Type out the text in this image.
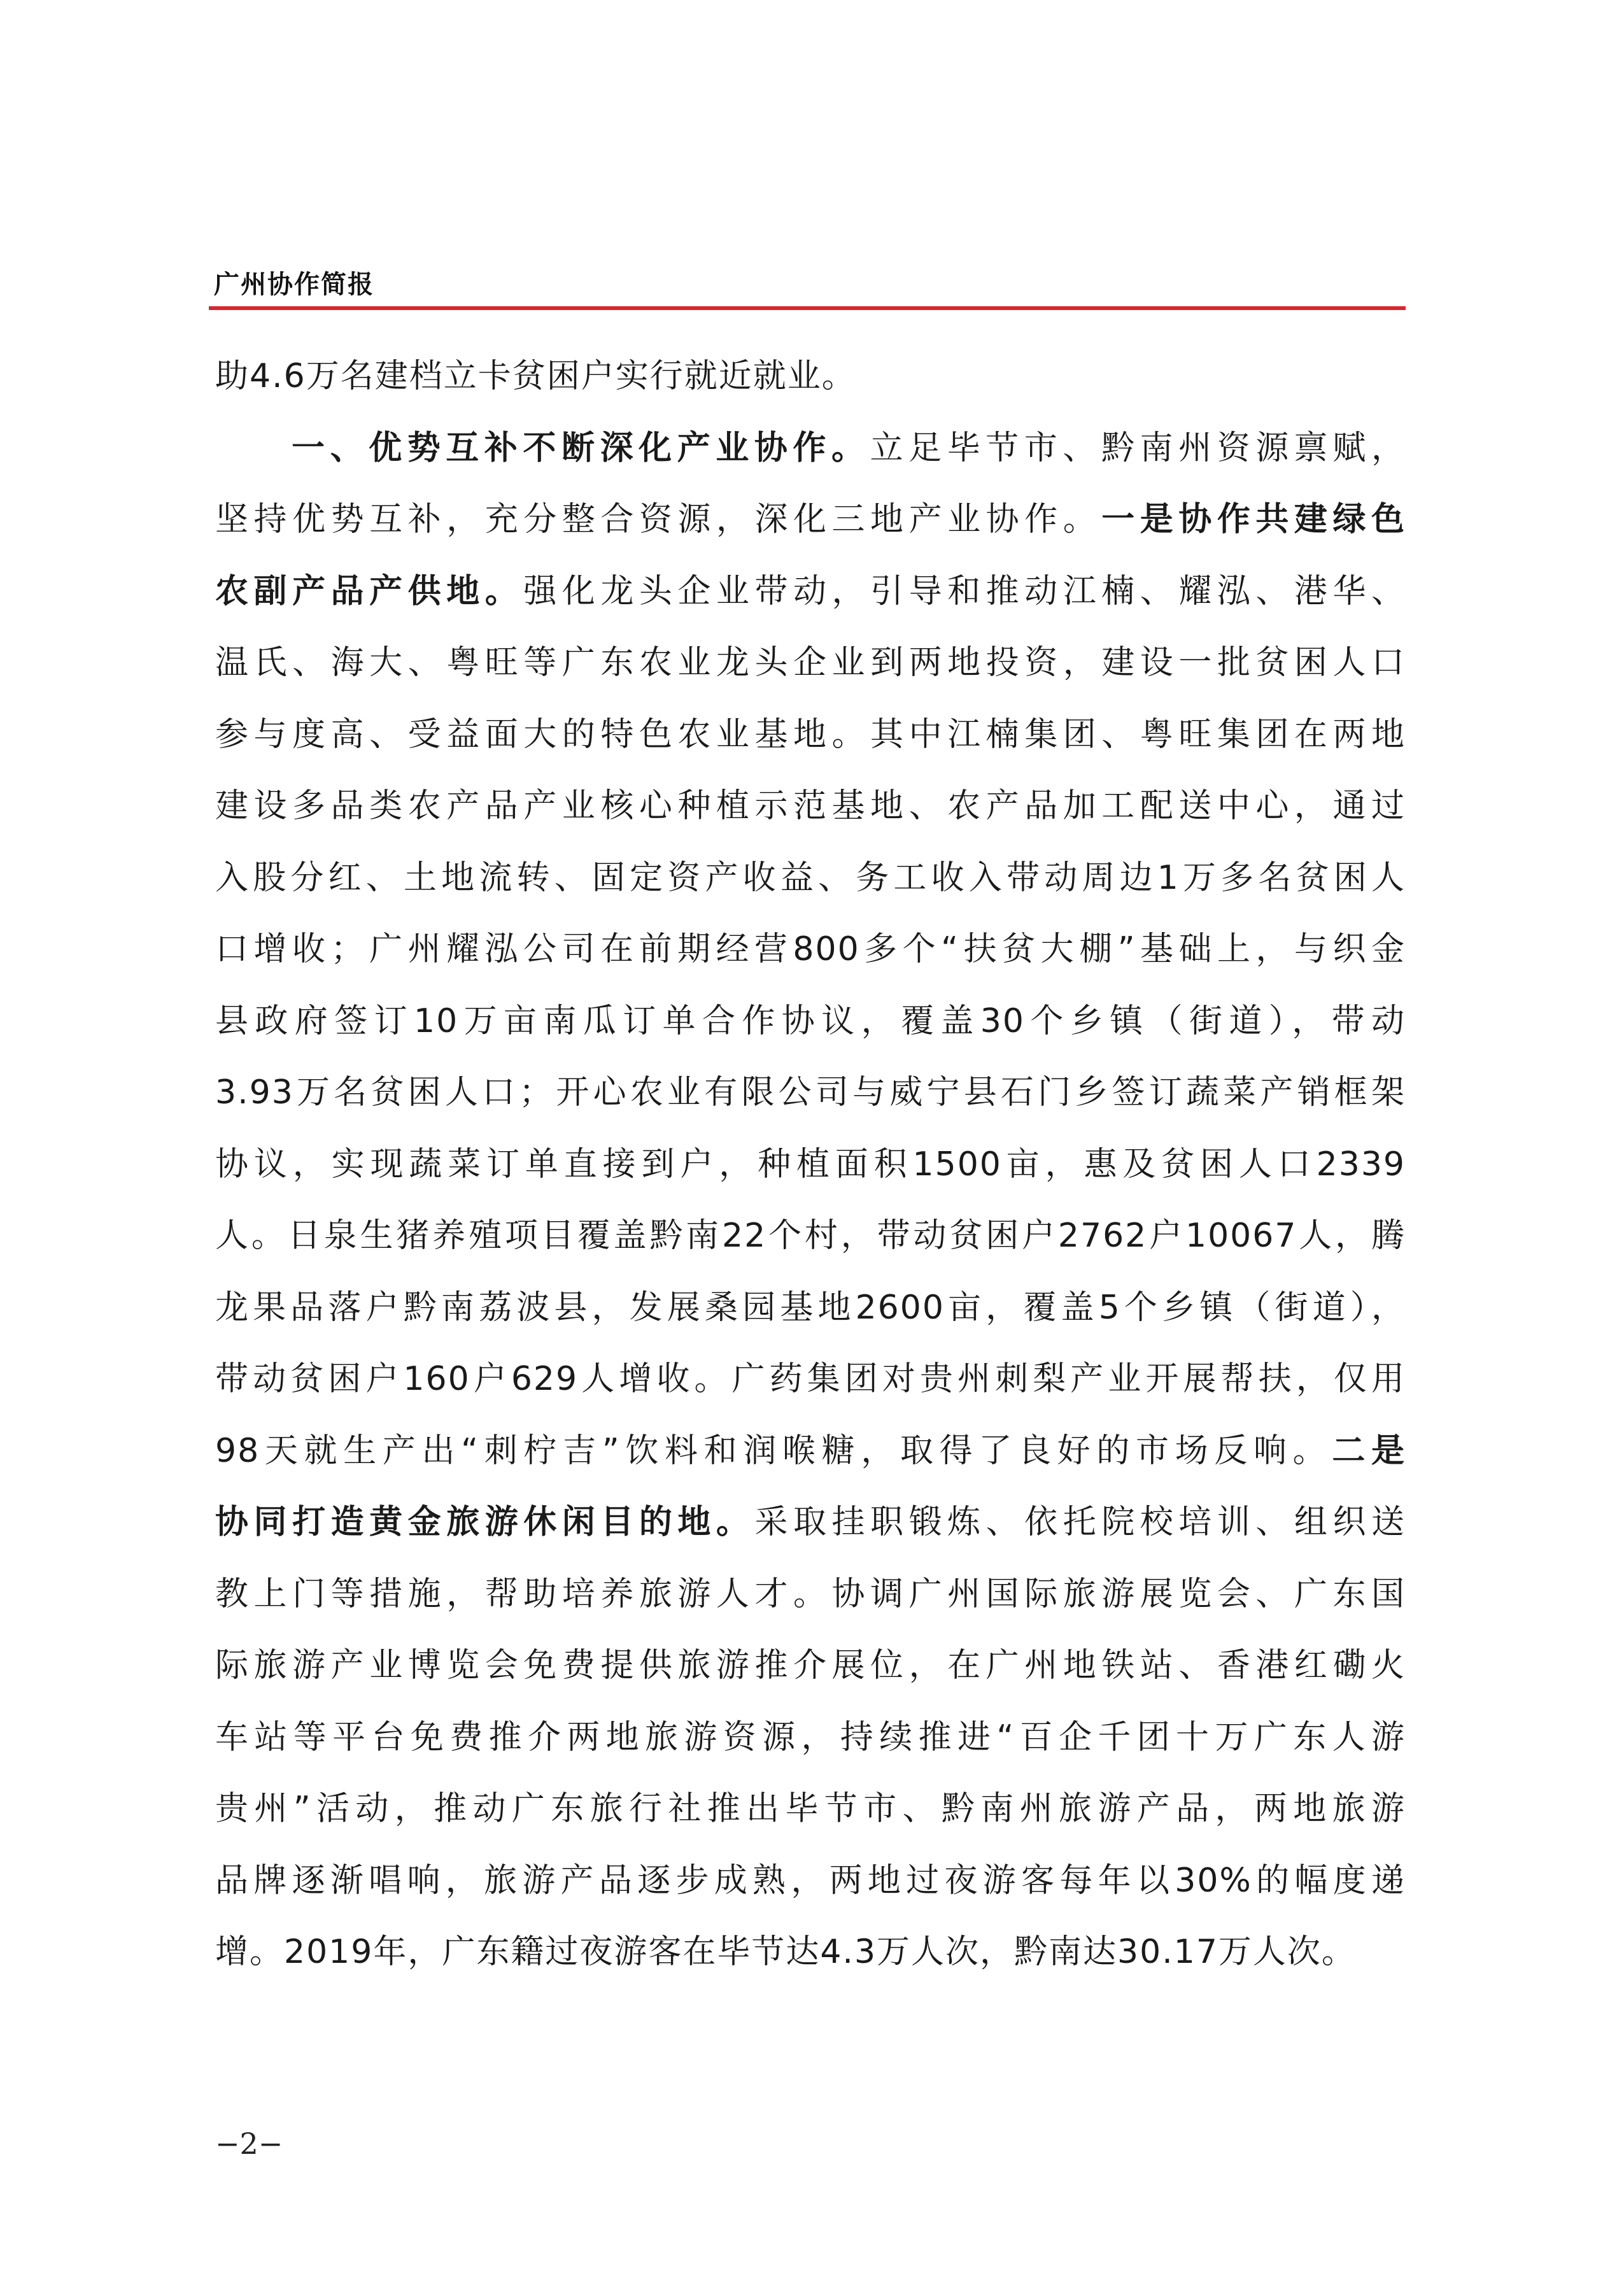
广州协作简报
助4.6万名建档立卡贫困户实行就近就业。
一、优势互补不断深化产业协作。立足毕节市、黔南州资源禀赋，
坚持优势互补，充分整合资源，深化三地产业协作。一是协作共建绿色
农副产品产供地。强化龙头企业带动，引导和推动江楠、耀泓、港华、
温氏、海大、粤旺等广东农业龙头企业到两地投资，建设一批贫困人口
参与度高、受益面大的特色农业基地。其中江楠集团、粤旺集团在两地
建设多品类农产品产业核心种植示范基地、农产品加工配送中心，通过
入股分红、土地流转、固定资产收益、务工收入带动周边1万多名贫困人
口增收；广州耀泓公司在前期经营800多个“扶贫大棚”基础上，与织金
县政府签订10万亩南瓜订单合作协议，覆盖30个乡镇（街道），带动
3.93万名贫困人口；开心农业有限公司与威宁县石门乡签订蔬菜产销框架
协议，实现蔬菜订单直接到户，种植面积1500亩，惠及贫困人口2339
人。日泉生猪养殖项目覆盖黔南22个村，带动贫困户2762户10067人，腾
龙果品落户黔南荔波县，发展桑园基地2600亩，覆盖5个乡镇（街道），
带动贫困户160户629人增收。广药集团对贵州刺梨产业开展帮扶，仅用
98天就生产出“刺柠吉”饮料和润喉糖，取得了良好的市场反响。二是
协同打造黄金旅游休闲目的地。采取挂职锻炼、依托院校培训、组织送
教上门等措施，帮助培养旅游人才。协调广州国际旅游展览会、广东国
际旅游产业博览会免费提供旅游推介展位，在广州地铁站、香港红磡火
车站等平台免费推介两地旅游资源，持续推进“百企千团十万广东人游
贵州”活动，推动广东旅行社推出毕节市、黔南州旅游产品，两地旅游
品牌逐渐唱响，旅游产品逐步成熟，两地过夜游客每年以30%的幅度递
增。2019年，广东籍过夜游客在毕节达4.3万人次，黔南达30.17万人次。
−2−
